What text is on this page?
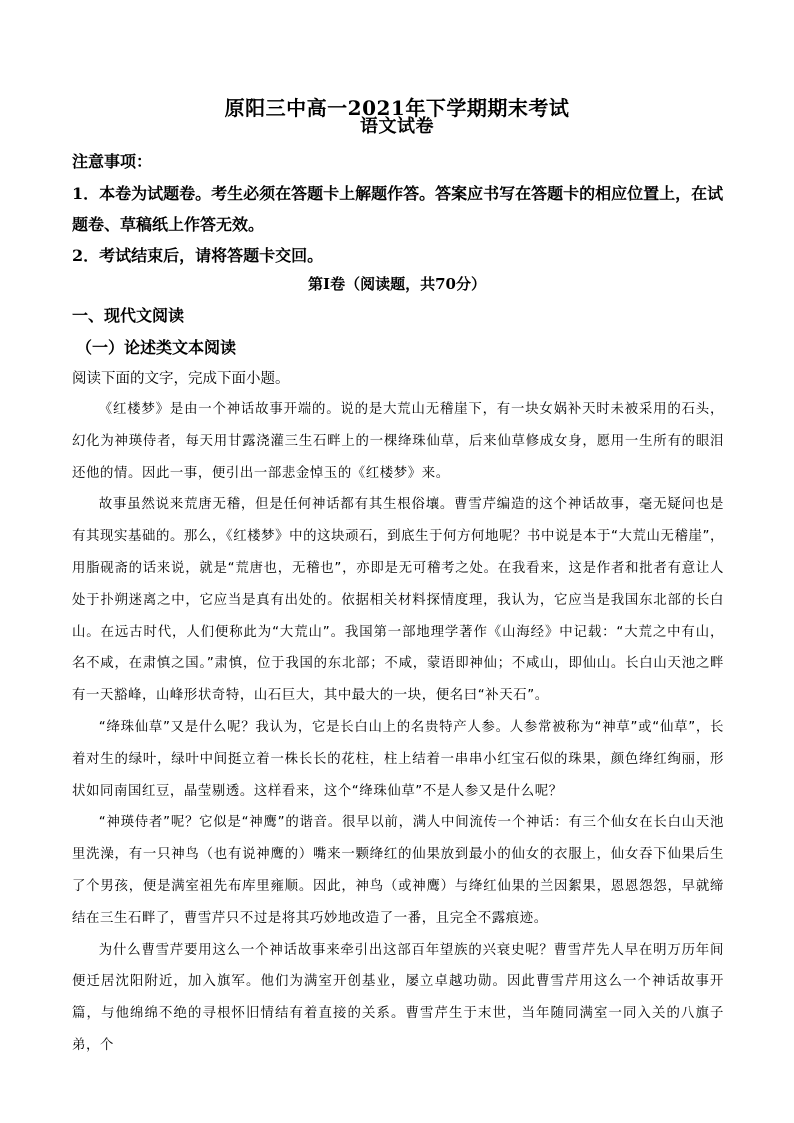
原阳三中高一2021年下学期期末考试
语文试卷
注意事项：
1．本卷为试题卷。考生必须在答题卡上解题作答。答案应书写在答题卡的相应位置上，在试题卷、草稿纸上作答无效。
2．考试结束后，请将答题卡交回。
第Ⅰ卷（阅读题，共70分）
一、现代文阅读
（一）论述类文本阅读
阅读下面的文字，完成下面小题。

《红楼梦》是由一个神话故事开端的。说的是大荒山无稽崖下，有一块女娲补天时未被采用的石头，幻化为神瑛侍者，每天用甘露浇灌三生石畔上的一棵绛珠仙草，后来仙草修成女身，愿用一生所有的眼泪还他的情。因此一事，便引出一部悲金悼玉的《红楼梦》来。

故事虽然说来荒唐无稽，但是任何神话都有其生根俗壤。曹雪芹编造的这个神话故事，毫无疑问也是有其现实基础的。那么，《红楼梦》中的这块顽石，到底生于何方何地呢？书中说是本于“大荒山无稽崖”，用脂砚斋的话来说，就是“荒唐也，无稽也”，亦即是无可稽考之处。在我看来，这是作者和批者有意让人处于扑朔迷离之中，它应当是真有出处的。依据相关材料探情度理，我认为，它应当是我国东北部的长白山。在远古时代，人们便称此为“大荒山”。我国第一部地理学著作《山海经》中记载：“大荒之中有山，名不咸，在肃慎之国。”肃慎，位于我国的东北部；不咸，蒙语即神仙；不咸山，即仙山。长白山天池之畔有一天豁峰，山峰形状奇特，山石巨大，其中最大的一块，便名曰“补天石”。

“绛珠仙草”又是什么呢？我认为，它是长白山上的名贵特产人参。人参常被称为“神草”或“仙草”，长着对生的绿叶，绿叶中间挺立着一株长长的花柱，柱上结着一串串小红宝石似的珠果，颜色绛红绚丽，形状如同南国红豆，晶莹剔透。这样看来，这个“绛珠仙草”不是人参又是什么呢？

“神瑛侍者”呢？它似是“神鹰”的谐音。很早以前，满人中间流传一个神话：有三个仙女在长白山天池里洗澡，有一只神鸟（也有说神鹰的）嘴来一颗绛红的仙果放到最小的仙女的衣服上，仙女吞下仙果后生了个男孩，便是满室祖先布库里雍顺。因此，神鸟（或神鹰）与绛红仙果的兰因絮果，恩恩怨怨，早就缔结在三生石畔了，曹雪芹只不过是将其巧妙地改造了一番，且完全不露痕迹。

为什么曹雪芹要用这么一个神话故事来牵引出这部百年望族的兴衰史呢？曹雪芹先人早在明万历年间便迁居沈阳附近，加入旗军。他们为满室开创基业，屡立卓越功勋。因此曹雪芹用这么一个神话故事开篇，与他绵绵不绝的寻根怀旧情结有着直接的关系。曹雪芹生于末世，当年随同满室一同入关的八旗子弟，个
